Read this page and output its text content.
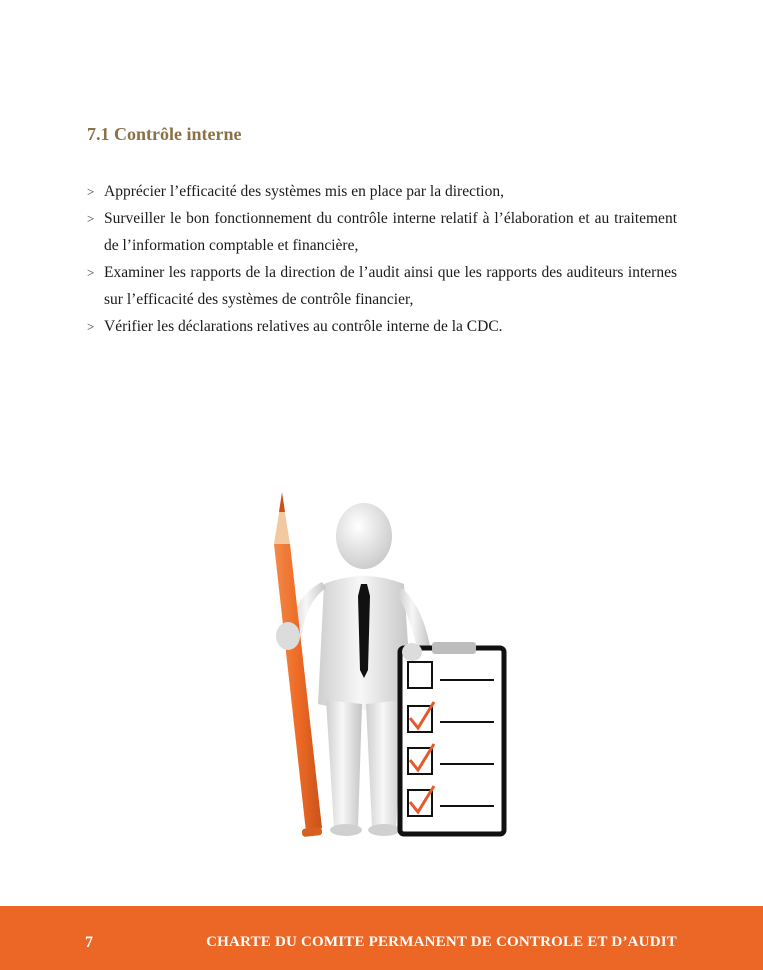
7.1 Contrôle interne
> Apprécier l’efficacité des systèmes mis en place par la direction,
> Surveiller le bon fonctionnement du contrôle interne relatif à l’élaboration et au traitement de l’information comptable et financière,
> Examiner les rapports de la direction de l’audit ainsi que les rapports des auditeurs internes sur l’efficacité des systèmes de contrôle financier,
> Vérifier les déclarations relatives au contrôle interne de la CDC.
7	CHARTE DU COMITE PERMANENT DE CONTROLE ET D’AUDIT
